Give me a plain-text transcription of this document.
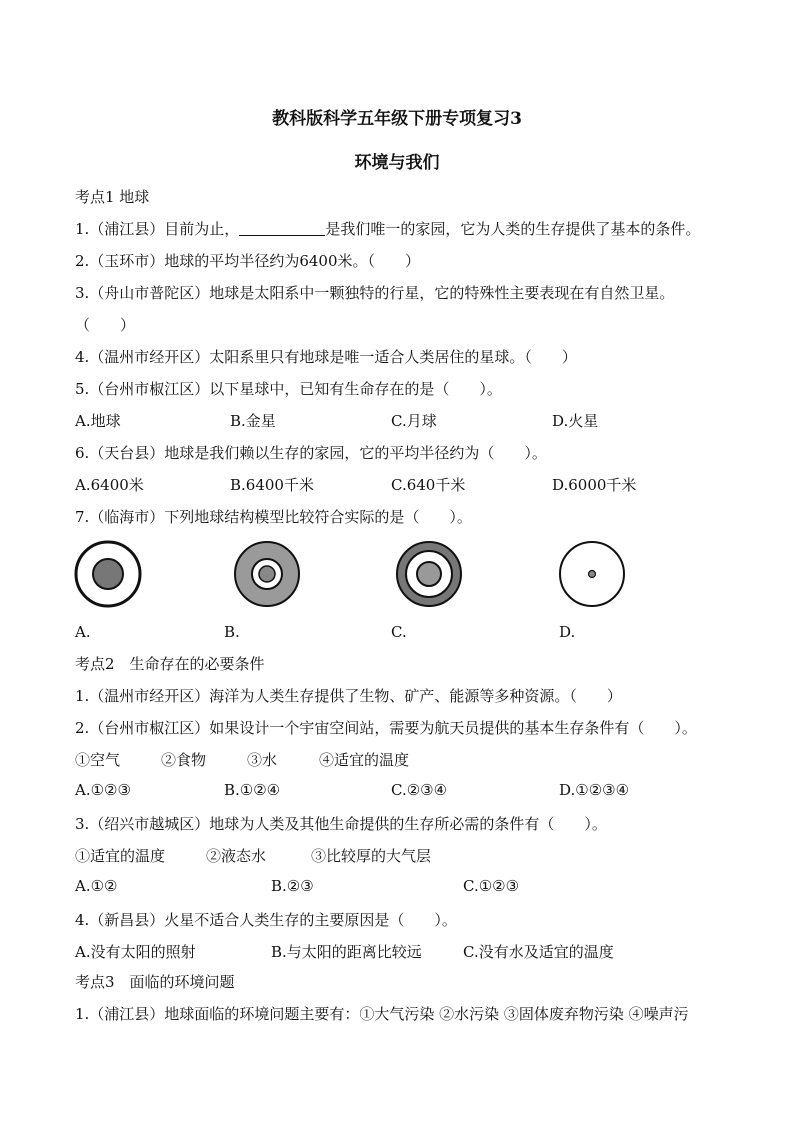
教科版科学五年级下册专项复习3
环境与我们
考点1 地球
1.（浦江县）目前为止，	是我们唯一的家园，它为人类的生存提供了基本的条件。
2.（玉环市）地球的平均半径约为6400米。（　　）
3.（舟山市普陀区）地球是太阳系中一颗独特的行星，它的特殊性主要表现在有自然卫星。
（　　）
4.（温州市经开区）太阳系里只有地球是唯一适合人类居住的星球。（　　）
5.（台州市椒江区）以下星球中，已知有生命存在的是（　　）。
A.地球	B.金星	C.月球	D.火星
6.（天台县）地球是我们赖以生存的家园，它的平均半径约为（　　）。
A.6400米	B.6400千米	C.640千米	D.6000千米
7.（临海市）下列地球结构模型比较符合实际的是（　　）。
A.	B.	C.	D.
考点2　生命存在的必要条件
1.（温州市经开区）海洋为人类生存提供了生物、矿产、能源等多种资源。（　　）
2.（台州市椒江区）如果设计一个宇宙空间站，需要为航天员提供的基本生存条件有（　　）。
①空气	②食物	③水	④适宜的温度
A.①②③	B.①②④	C.②③④	D.①②③④
3.（绍兴市越城区）地球为人类及其他生命提供的生存所必需的条件有（　　）。
①适宜的温度	②液态水	③比较厚的大气层
A.①②	B.②③	C.①②③
4.（新昌县）火星不适合人类生存的主要原因是（　　）。
A.没有太阳的照射	B.与太阳的距离比较远	C.没有水及适宜的温度
考点3　面临的环境问题
1.（浦江县）地球面临的环境问题主要有：①大气污染 ②水污染 ③固体废弃物污染 ④噪声污
